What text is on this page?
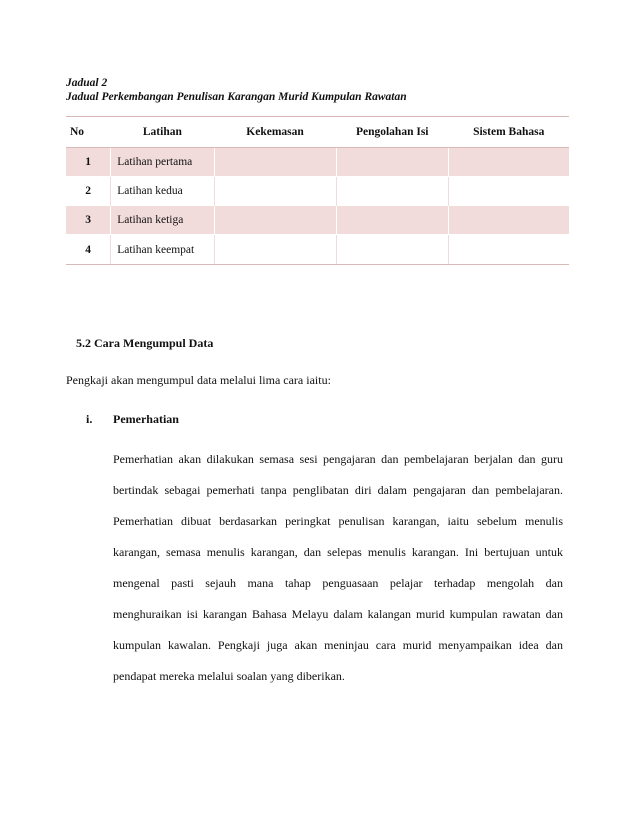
Jadual 2
Jadual Perkembangan Penulisan Karangan Murid Kumpulan Rawatan
No	Latihan	Kekemasan	Pengolahan Isi	Sistem Bahasa
1	Latihan pertama			
2	Latihan kedua			
3	Latihan ketiga			
4	Latihan keempat			
5.2 Cara Mengumpul Data
Pengkaji akan mengumpul data melalui lima cara iaitu:
i. Pemerhatian
Pemerhatian akan dilakukan semasa sesi pengajaran dan pembelajaran berjalan dan guru
bertindak sebagai pemerhati tanpa penglibatan diri dalam pengajaran dan pembelajaran.
Pemerhatian dibuat berdasarkan peringkat penulisan karangan, iaitu sebelum menulis
karangan, semasa menulis karangan, dan selepas menulis karangan. Ini bertujuan untuk
mengenal pasti sejauh mana tahap penguasaan pelajar terhadap mengolah dan
menghuraikan isi karangan Bahasa Melayu dalam kalangan murid kumpulan rawatan dan
kumpulan kawalan. Pengkaji juga akan meninjau cara murid menyampaikan idea dan
pendapat mereka melalui soalan yang diberikan.
